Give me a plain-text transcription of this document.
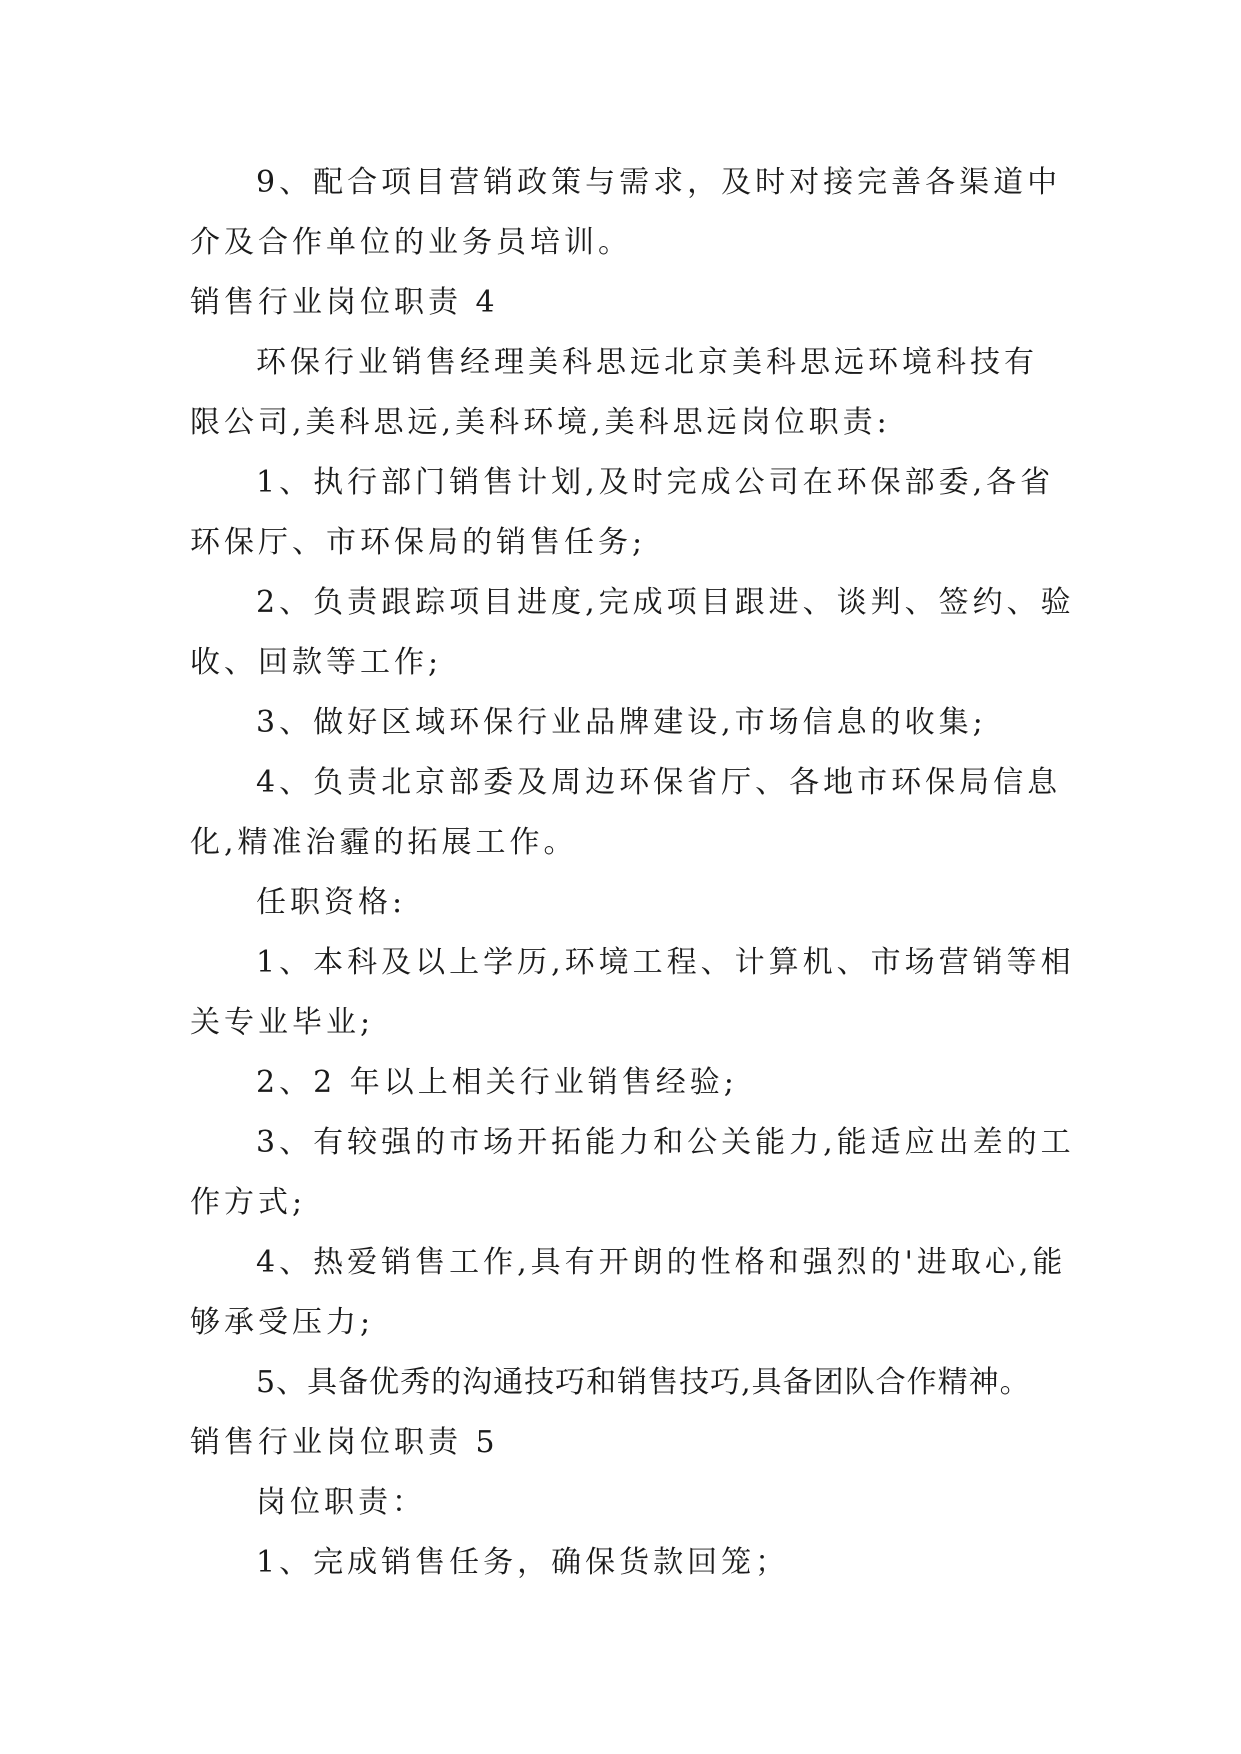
9、配合项目营销政策与需求，及时对接完善各渠道中
介及合作单位的业务员培训。
销售行业岗位职责 4
环保行业销售经理美科思远北京美科思远环境科技有
限公司,美科思远,美科环境,美科思远岗位职责:
1、执行部门销售计划,及时完成公司在环保部委,各省
环保厅、市环保局的销售任务;
2、负责跟踪项目进度,完成项目跟进、谈判、签约、验
收、回款等工作;
3、做好区域环保行业品牌建设,市场信息的收集;
4、负责北京部委及周边环保省厅、各地市环保局信息
化,精准治霾的拓展工作。
任职资格:
1、本科及以上学历,环境工程、计算机、市场营销等相
关专业毕业;
2、2 年以上相关行业销售经验;
3、有较强的市场开拓能力和公关能力,能适应出差的工
作方式;
4、热爱销售工作,具有开朗的性格和强烈的'进取心,能
够承受压力;
5、具备优秀的沟通技巧和销售技巧,具备团队合作精神。
销售行业岗位职责 5
岗位职责：
1、完成销售任务，确保货款回笼；
